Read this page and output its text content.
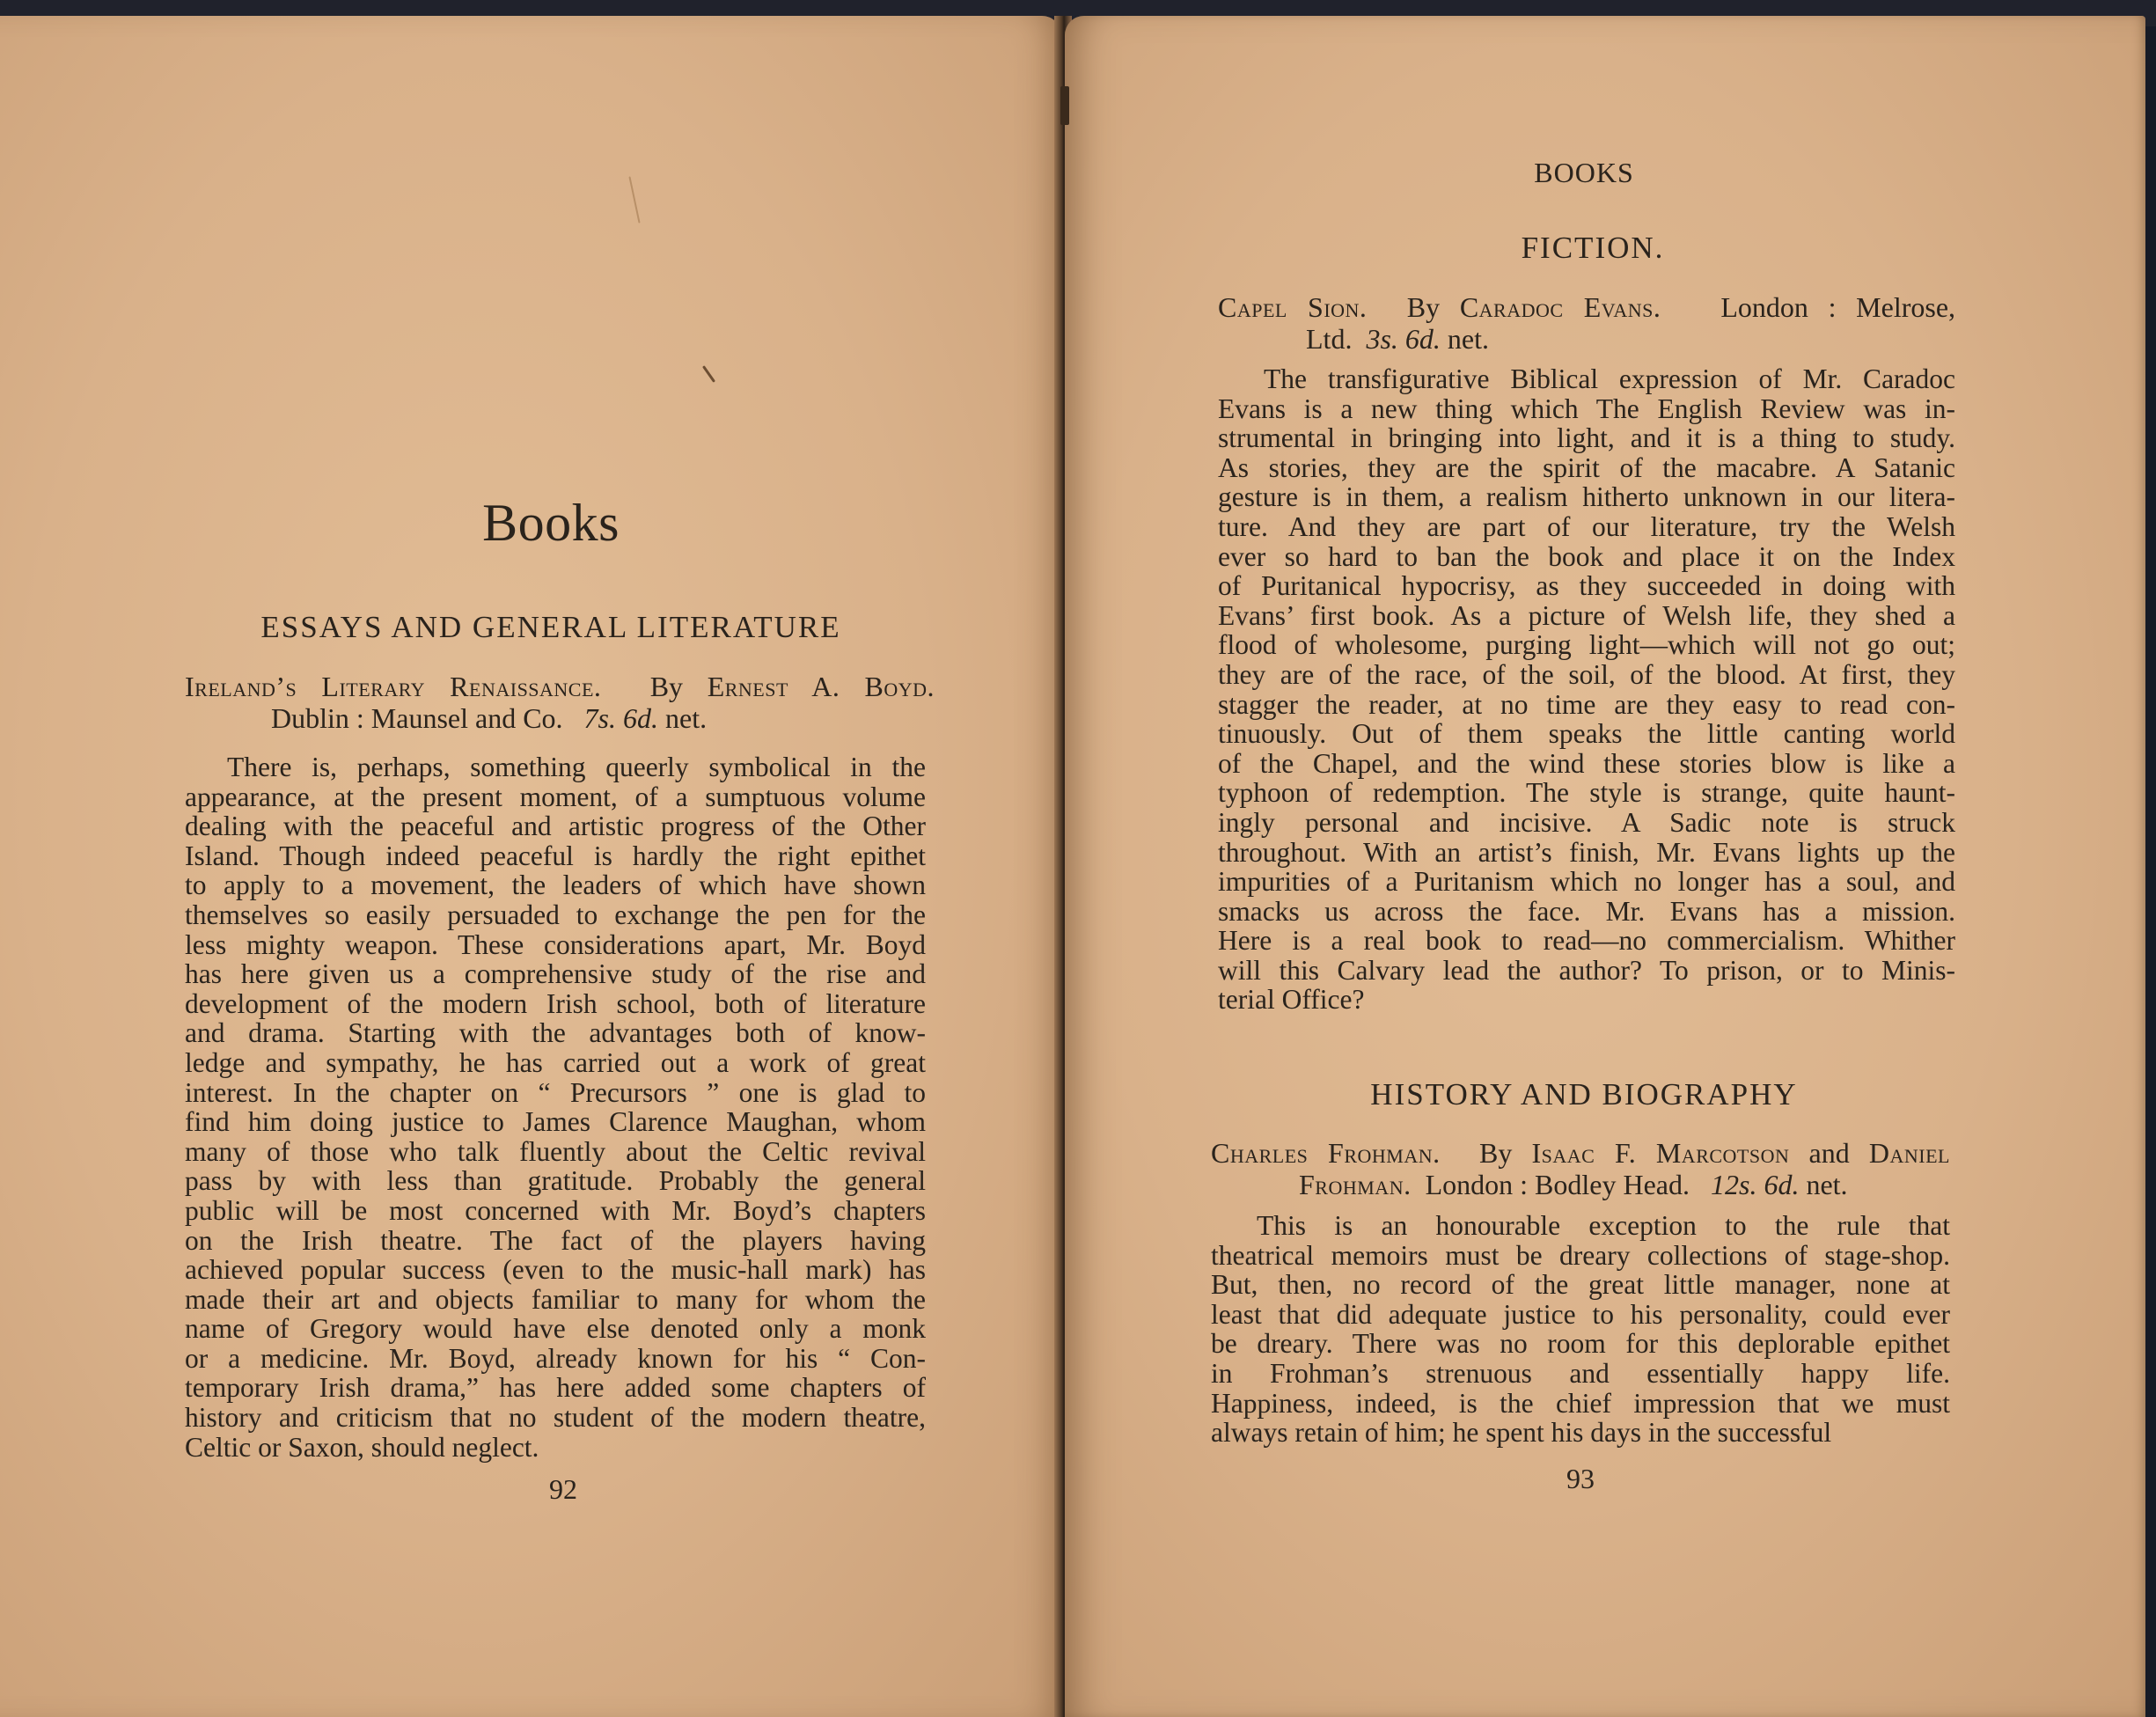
Books
ESSAYS AND GENERAL LITERATURE
Ireland’s Literary Renaissance. By Ernest A. Boyd.
Dublin : Maunsel and Co. 7s. 6d. net.
There is, perhaps, something queerly symbolical in the
appearance, at the present moment, of a sumptuous volume
dealing with the peaceful and artistic progress of the Other
Island. Though indeed peaceful is hardly the right epithet
to apply to a movement, the leaders of which have shown
themselves so easily persuaded to exchange the pen for the
less mighty weapon. These considerations apart, Mr. Boyd
has here given us a comprehensive study of the rise and
development of the modern Irish school, both of literature
and drama. Starting with the advantages both of know-
ledge and sympathy, he has carried out a work of great
interest. In the chapter on “ Precursors ” one is glad to
find him doing justice to James Clarence Maughan, whom
many of those who talk fluently about the Celtic revival
pass by with less than gratitude. Probably the general
public will be most concerned with Mr. Boyd’s chapters
on the Irish theatre. The fact of the players having
achieved popular success (even to the music-hall mark) has
made their art and objects familiar to many for whom the
name of Gregory would have else denoted only a monk
or a medicine. Mr. Boyd, already known for his “ Con-
temporary Irish drama,” has here added some chapters of
history and criticism that no student of the modern theatre,
Celtic or Saxon, should neglect.
92
BOOKS
FICTION.
Capel Sion. By Caradoc Evans. London : Melrose,
Ltd. 3s. 6d. net.
The transfigurative Biblical expression of Mr. Caradoc
Evans is a new thing which The English Review was in-
strumental in bringing into light, and it is a thing to study.
As stories, they are the spirit of the macabre. A Satanic
gesture is in them, a realism hitherto unknown in our litera-
ture. And they are part of our literature, try the Welsh
ever so hard to ban the book and place it on the Index
of Puritanical hypocrisy, as they succeeded in doing with
Evans’ first book. As a picture of Welsh life, they shed a
flood of wholesome, purging light—which will not go out;
they are of the race, of the soil, of the blood. At first, they
stagger the reader, at no time are they easy to read con-
tinuously. Out of them speaks the little canting world
of the Chapel, and the wind these stories blow is like a
typhoon of redemption. The style is strange, quite haunt-
ingly personal and incisive. A Sadic note is struck
throughout. With an artist’s finish, Mr. Evans lights up the
impurities of a Puritanism which no longer has a soul, and
smacks us across the face. Mr. Evans has a mission.
Here is a real book to read—no commercialism. Whither
will this Calvary lead the author? To prison, or to Minis-
terial Office?
HISTORY AND BIOGRAPHY
Charles Frohman. By Isaac F. Marcotson and Daniel
Frohman. London : Bodley Head. 12s. 6d. net.
This is an honourable exception to the rule that
theatrical memoirs must be dreary collections of stage-shop.
But, then, no record of the great little manager, none at
least that did adequate justice to his personality, could ever
be dreary. There was no room for this deplorable epithet
in Frohman’s strenuous and essentially happy life.
Happiness, indeed, is the chief impression that we must
always retain of him; he spent his days in the successful
93
